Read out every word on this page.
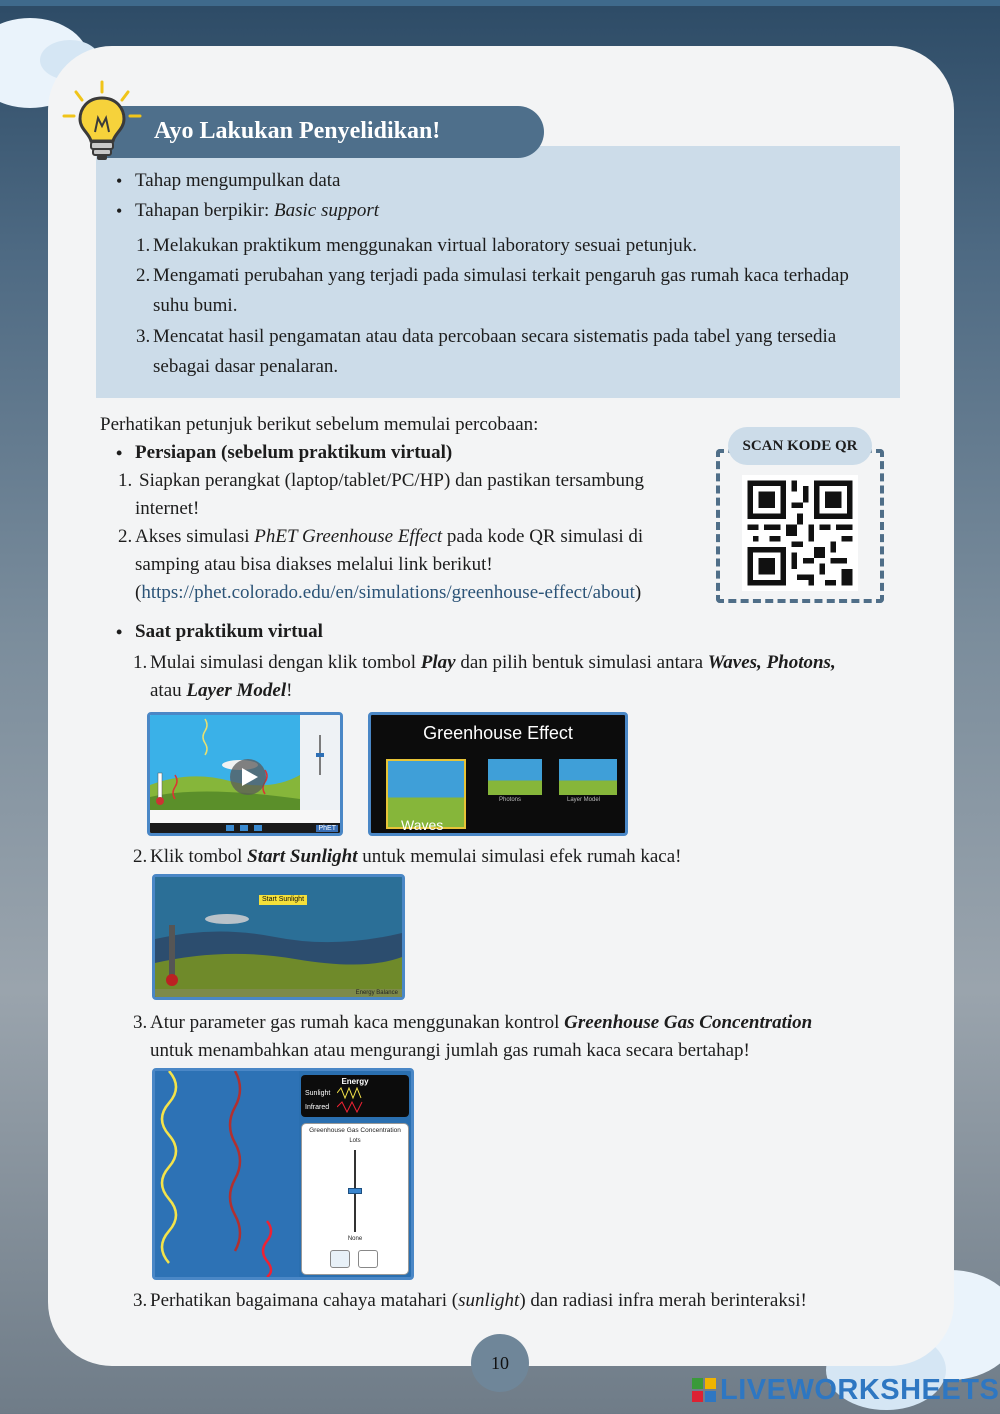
Ayo Lakukan Penyelidikan!
• Tahap mengumpulkan data
• Tahapan berpikir: Basic support
1. Melakukan praktikum menggunakan virtual laboratory sesuai petunjuk.
2. Mengamati perubahan yang terjadi pada simulasi terkait pengaruh gas rumah kaca terhadap
suhu bumi.
3. Mencatat hasil pengamatan atau data percobaan secara sistematis pada tabel yang tersedia
sebagai dasar penalaran.
Perhatikan petunjuk berikut sebelum memulai percobaan:
• Persiapan (sebelum praktikum virtual)
1. Siapkan perangkat (laptop/tablet/PC/HP) dan pastikan tersambung
internet!
2. Akses simulasi PhET Greenhouse Effect pada kode QR simulasi di
samping atau bisa diakses melalui link berikut!
(https://phet.colorado.edu/en/simulations/greenhouse-effect/about)
SCAN KODE QR
• Saat praktikum virtual
1. Mulai simulasi dengan klik tombol Play dan pilih bentuk simulasi antara Waves, Photons,
atau Layer Model!
PhET
Greenhouse Effect
Waves
Photons	Layer Model
2. Klik tombol Start Sunlight untuk memulai simulasi efek rumah kaca!
Start Sunlight
Energy Balance
3. Atur parameter gas rumah kaca menggunakan kontrol Greenhouse Gas Concentration
untuk menambahkan atau mengurangi jumlah gas rumah kaca secara bertahap!
Energy
Sunlight
Infrared
Greenhouse Gas Concentration
Lots
None
3. Perhatikan bagaimana cahaya matahari (sunlight) dan radiasi infra merah berinteraksi!
10
LIVEWORKSHEETS
